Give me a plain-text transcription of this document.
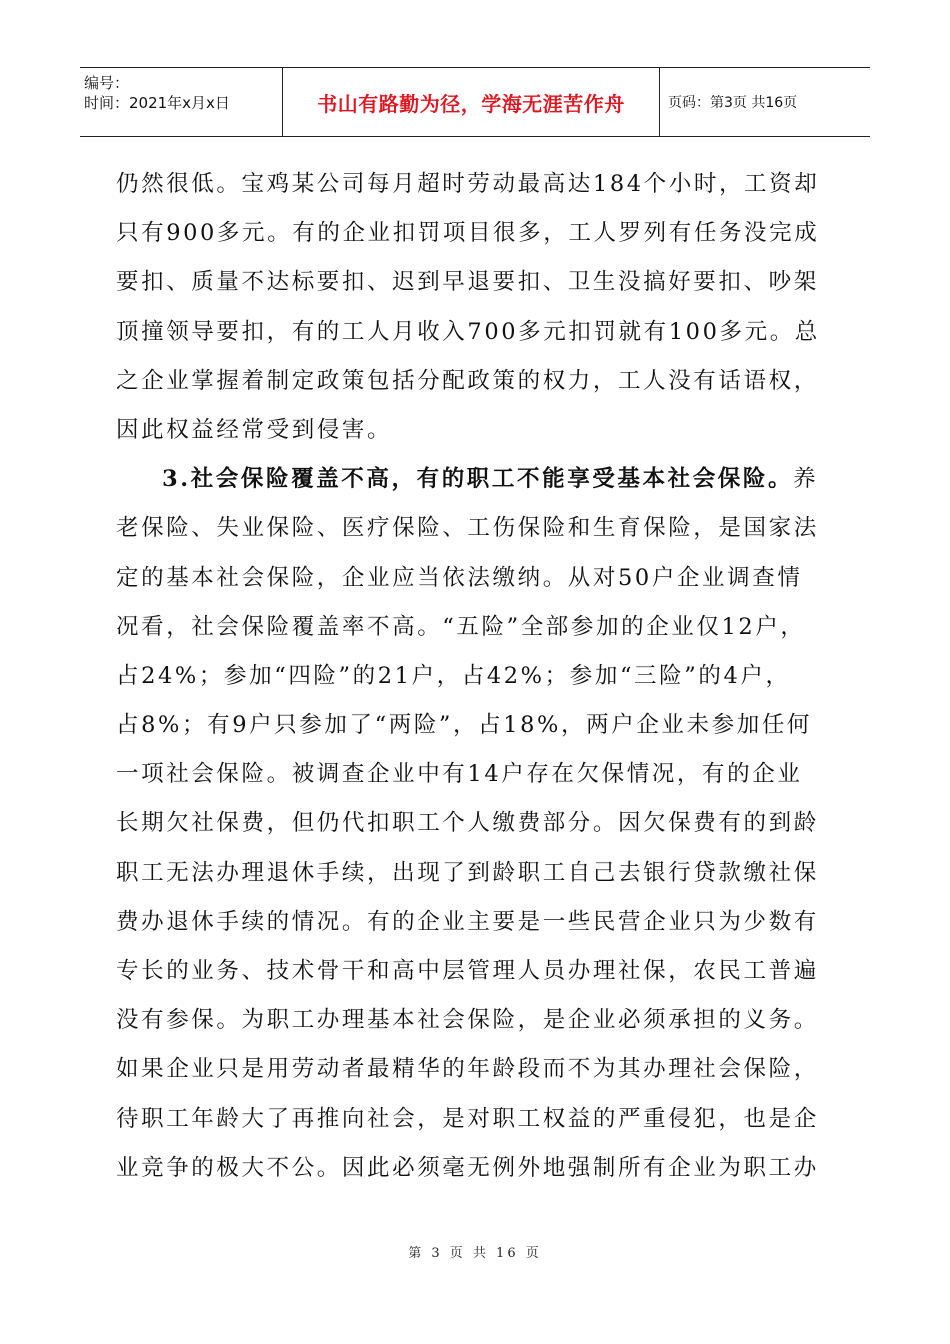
编号：
时间：2021年x月x日	书山有路勤为径，学海无涯苦作舟	页码：第3页 共16页
仍然很低。宝鸡某公司每月超时劳动最高达184个小时，工资却
只有900多元。有的企业扣罚项目很多，工人罗列有任务没完成
要扣、质量不达标要扣、迟到早退要扣、卫生没搞好要扣、吵架
顶撞领导要扣，有的工人月收入700多元扣罚就有100多元。总
之企业掌握着制定政策包括分配政策的权力，工人没有话语权，
因此权益经常受到侵害。
3.社会保险覆盖不高，有的职工不能享受基本社会保险。养
老保险、失业保险、医疗保险、工伤保险和生育保险，是国家法
定的基本社会保险，企业应当依法缴纳。从对50户企业调查情
况看，社会保险覆盖率不高。“五险”全部参加的企业仅12户，
占24%；参加“四险”的21户，占42%；参加“三险”的4户，
占8%；有9户只参加了“两险”，占18%，两户企业未参加任何
一项社会保险。被调查企业中有14户存在欠保情况，有的企业
长期欠社保费，但仍代扣职工个人缴费部分。因欠保费有的到龄
职工无法办理退休手续，出现了到龄职工自己去银行贷款缴社保
费办退休手续的情况。有的企业主要是一些民营企业只为少数有
专长的业务、技术骨干和高中层管理人员办理社保，农民工普遍
没有参保。为职工办理基本社会保险，是企业必须承担的义务。
如果企业只是用劳动者最精华的年龄段而不为其办理社会保险，
待职工年龄大了再推向社会，是对职工权益的严重侵犯，也是企
业竞争的极大不公。因此必须毫无例外地强制所有企业为职工办
第 3 页 共 16 页
